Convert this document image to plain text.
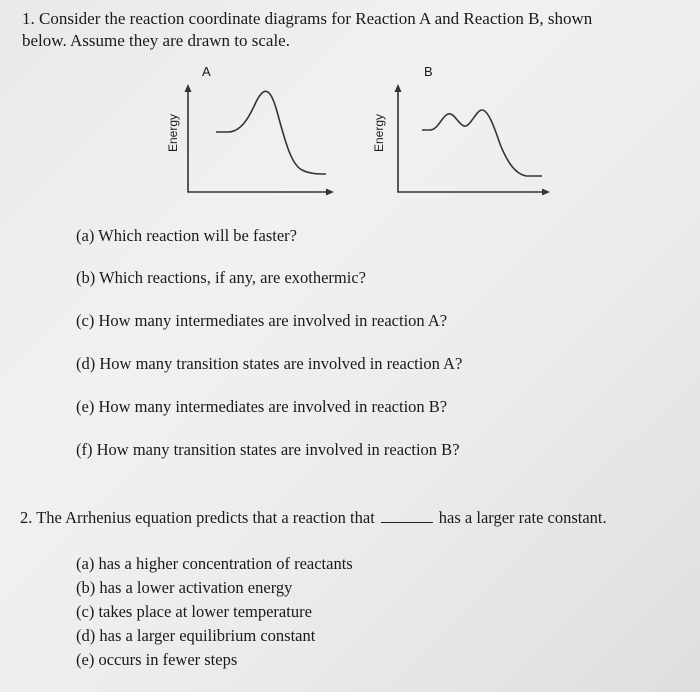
1. Consider the reaction coordinate diagrams for Reaction A and Reaction B, shown
below. Assume they are drawn to scale.
A
Energy
B
Energy
(a) Which reaction will be faster?
(b) Which reactions, if any, are exothermic?
(c) How many intermediates are involved in reaction A?
(d) How many transition states are involved in reaction A?
(e) How many intermediates are involved in reaction B?
(f) How many transition states are involved in reaction B?
2. The Arrhenius equation predicts that a reaction that	has a larger rate constant.
(a) has a higher concentration of reactants
(b) has a lower activation energy
(c) takes place at lower temperature
(d) has a larger equilibrium constant
(e) occurs in fewer steps
